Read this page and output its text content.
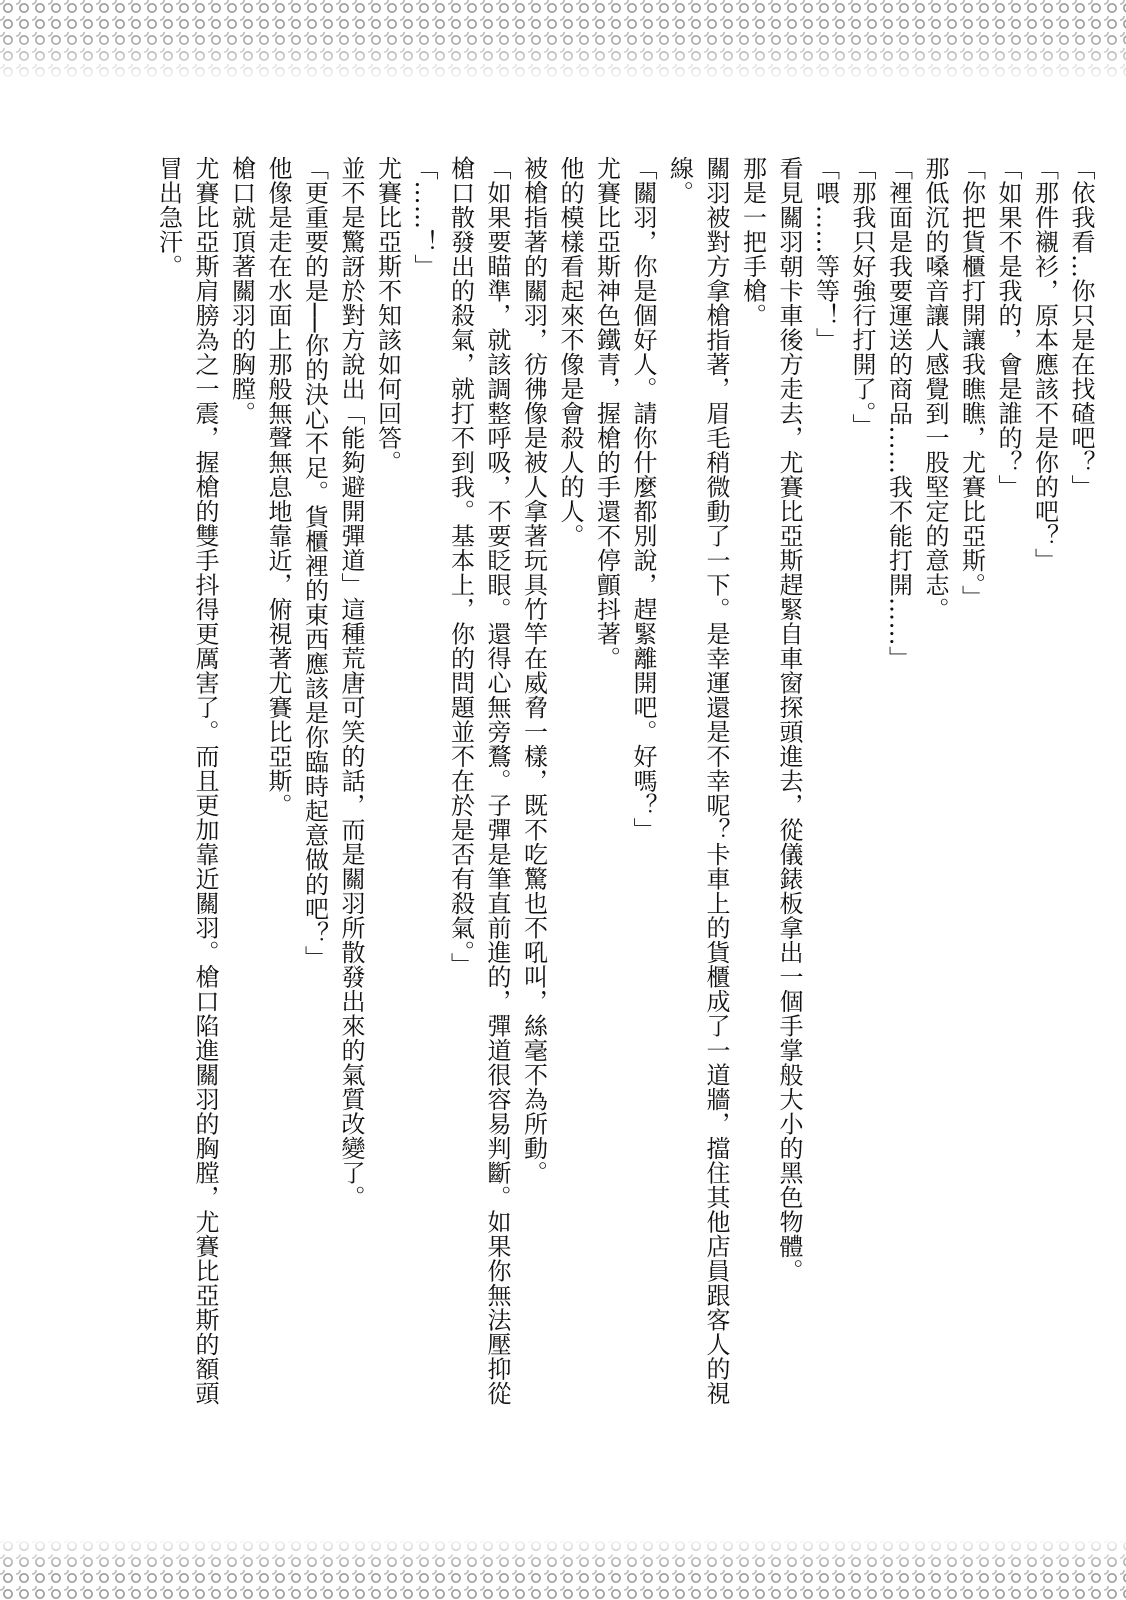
「依我看…你只是在找碴吧？」

「那件襯衫，原本應該不是你的吧？」

「如果不是我的，會是誰的？」

「你把貨櫃打開讓我瞧瞧，尤賽比亞斯。」

那低沉的嗓音讓人感覺到一股堅定的意志。

「裡面是我要運送的商品……我不能打開……」

「那我只好強行打開了。」

「喂……等等！」

看見關羽朝卡車後方走去，尤賽比亞斯趕緊自車窗探頭進去，從儀錶板拿出一個手掌般大小的黑色物體。

那是一把手槍。

關羽被對方拿槍指著，眉毛稍微動了一下。是幸運還是不幸呢？卡車上的貨櫃成了一道牆，擋住其他店員跟客人的視線。

「關羽，你是個好人。請你什麼都別說，趕緊離開吧。好嗎？」

尤賽比亞斯神色鐵青，握槍的手還不停顫抖著。

他的模樣看起來不像是會殺人的人。

被槍指著的關羽，彷彿像是被人拿著玩具竹竿在威脅一樣，既不吃驚也不吼叫，絲毫不為所動。

「如果要瞄準，就該調整呼吸，不要眨眼。還得心無旁鶩。子彈是筆直前進的，彈道很容易判斷。如果你無法壓抑從槍口散發出的殺氣，就打不到我。基本上，你的問題並不在於是否有殺氣。」

「……！」

尤賽比亞斯不知該如何回答。

並不是驚訝於對方說出「能夠避開彈道」這種荒唐可笑的話，而是關羽所散發出來的氣質改變了。

「更重要的是──你的決心不足。貨櫃裡的東西應該是你臨時起意做的吧？」

他像是走在水面上那般無聲無息地靠近，俯視著尤賽比亞斯。

槍口就頂著關羽的胸膛。

尤賽比亞斯肩膀為之一震，握槍的雙手抖得更厲害了。而且更加靠近關羽。槍口陷進關羽的胸膛，尤賽比亞斯的額頭冒出急汗。
